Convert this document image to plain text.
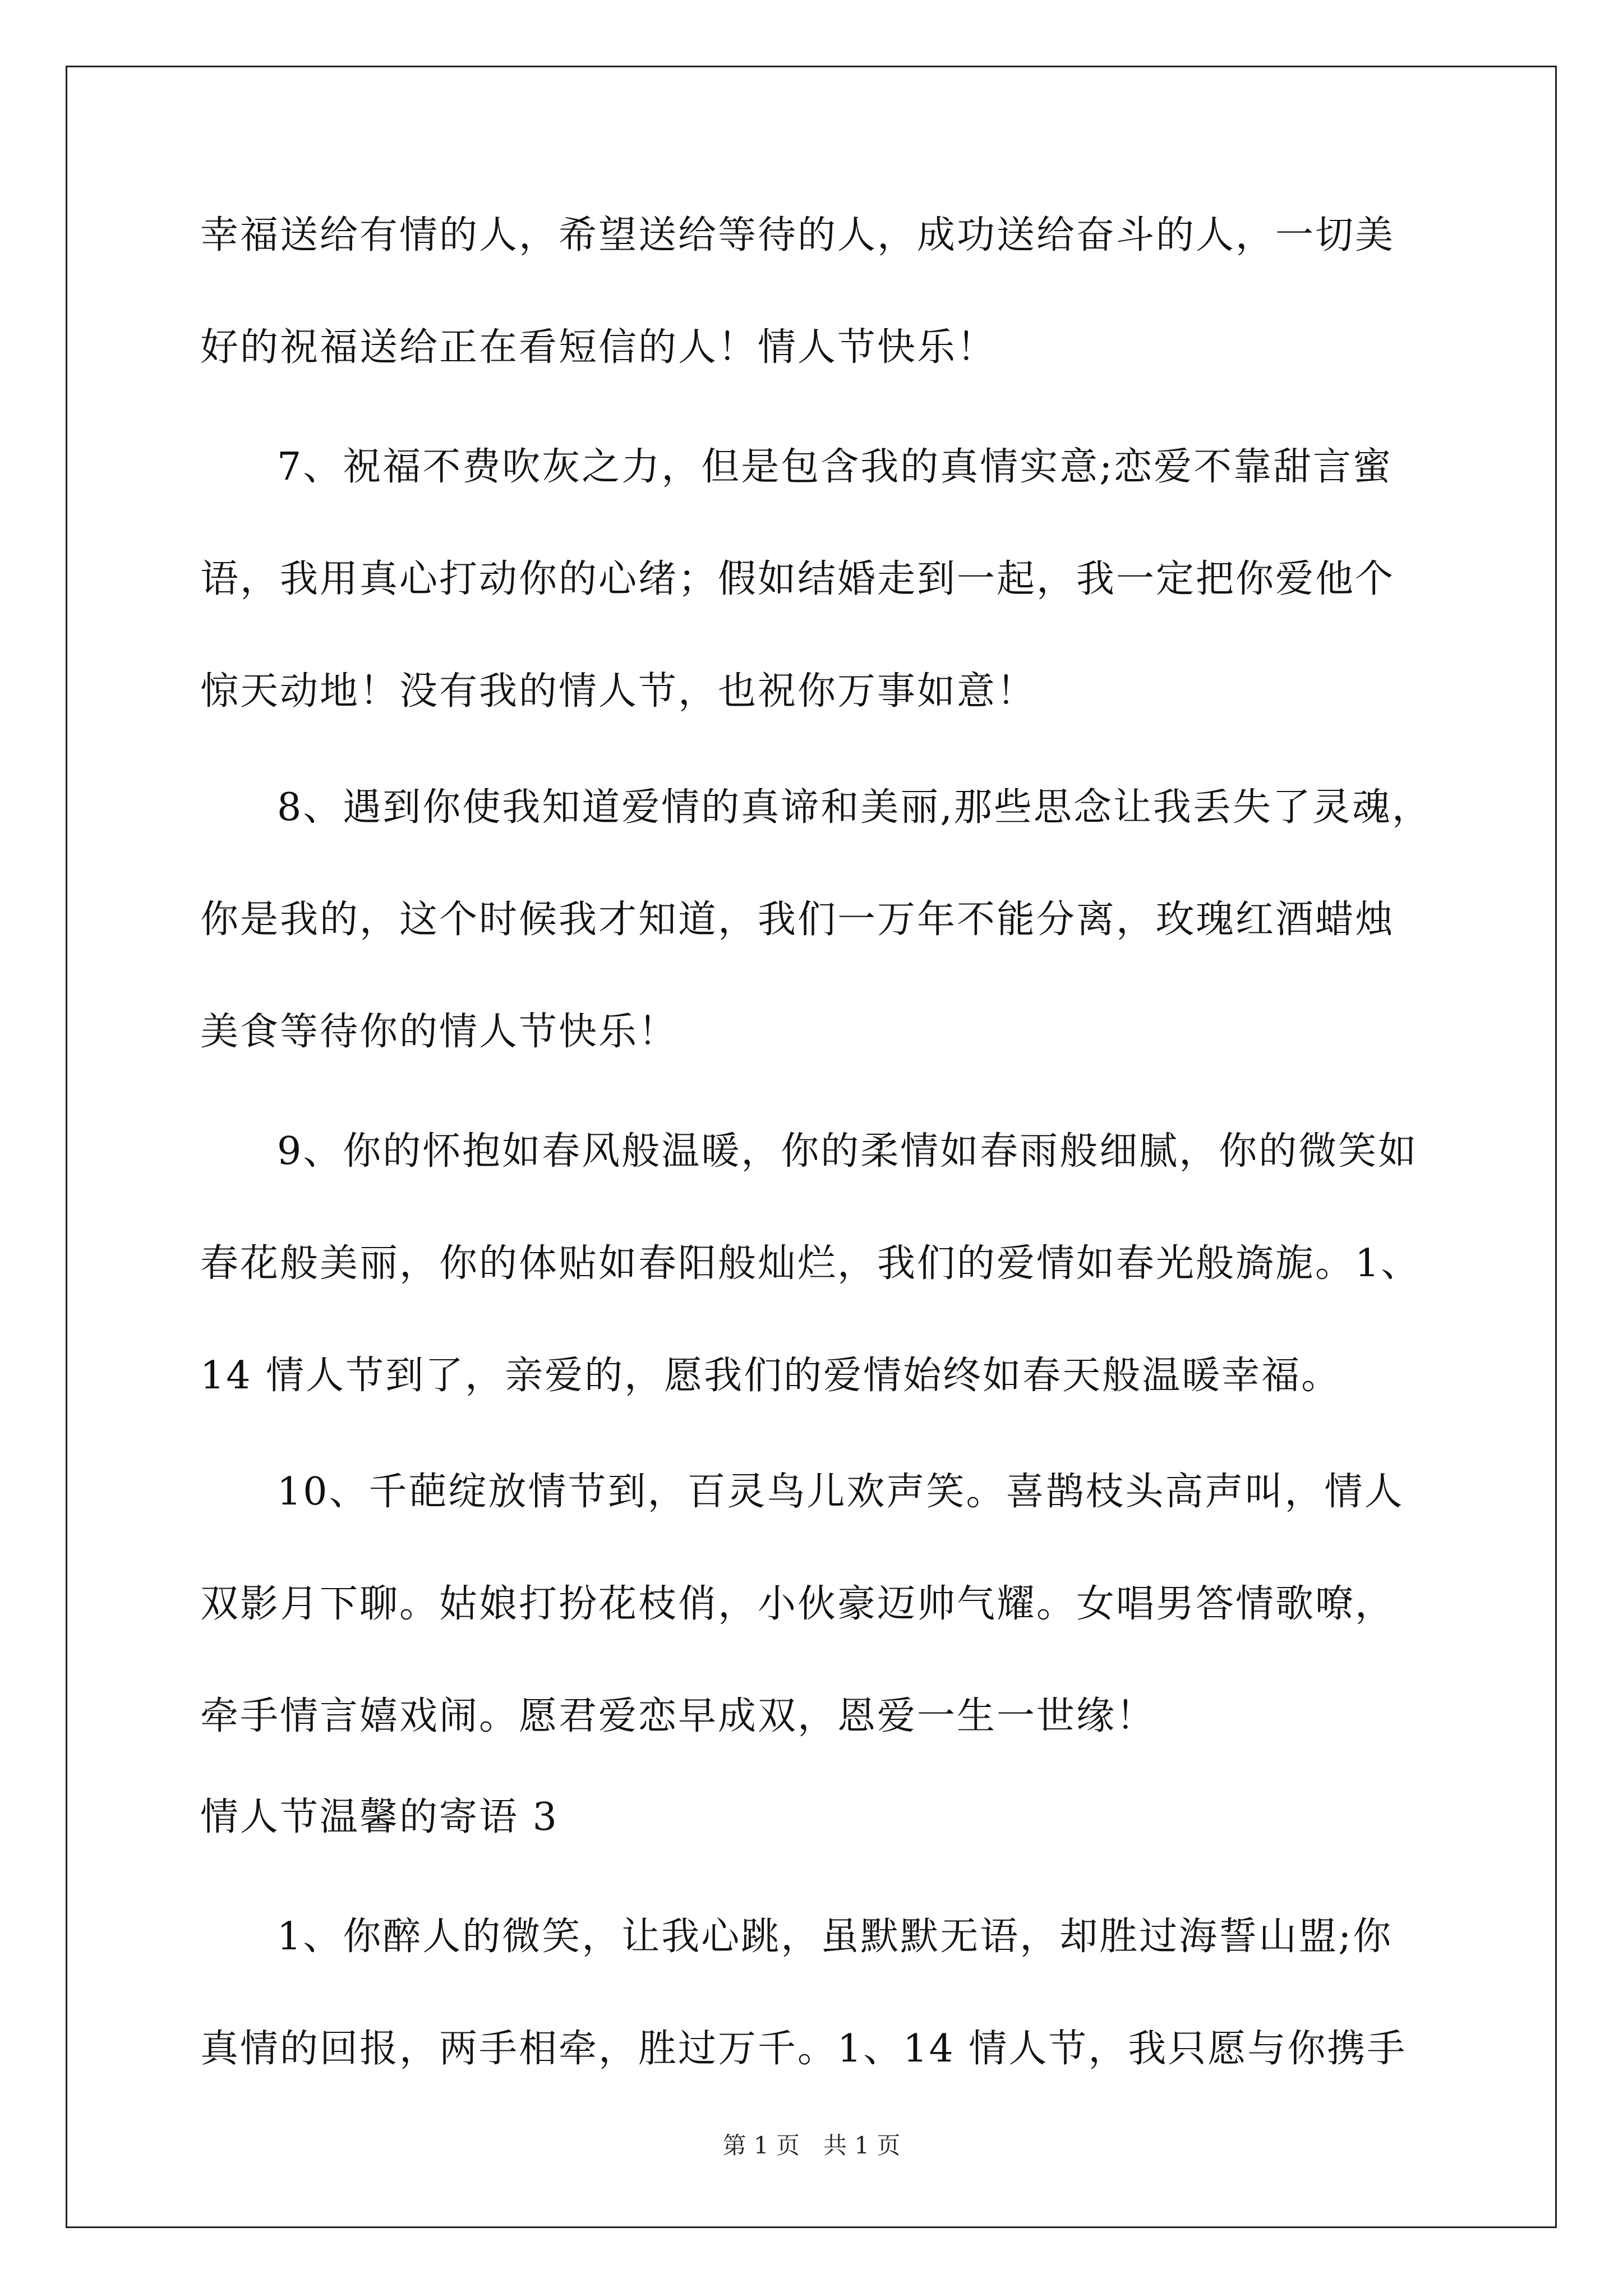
幸福送给有情的人，希望送给等待的人，成功送给奋斗的人，一切美
好的祝福送给正在看短信的人！情人节快乐！
7、祝福不费吹灰之力，但是包含我的真情实意;恋爱不靠甜言蜜
语，我用真心打动你的心绪；假如结婚走到一起，我一定把你爱他个
惊天动地！没有我的情人节，也祝你万事如意！
8、遇到你使我知道爱情的真谛和美丽,那些思念让我丢失了灵魂，
你是我的，这个时候我才知道，我们一万年不能分离，玫瑰红酒蜡烛
美食等待你的情人节快乐！
9、你的怀抱如春风般温暖，你的柔情如春雨般细腻，你的微笑如
春花般美丽，你的体贴如春阳般灿烂，我们的爱情如春光般旖旎。1、
14 情人节到了，亲爱的，愿我们的爱情始终如春天般温暖幸福。
10、千葩绽放情节到，百灵鸟儿欢声笑。喜鹊枝头高声叫，情人
双影月下聊。姑娘打扮花枝俏，小伙豪迈帅气耀。女唱男答情歌嘹，
牵手情言嬉戏闹。愿君爱恋早成双，恩爱一生一世缘！
情人节温馨的寄语 3
1、你醉人的微笑，让我心跳，虽默默无语，却胜过海誓山盟;你
真情的回报，两手相牵，胜过万千。1、14 情人节，我只愿与你携手
第 1 页　共 1 页
